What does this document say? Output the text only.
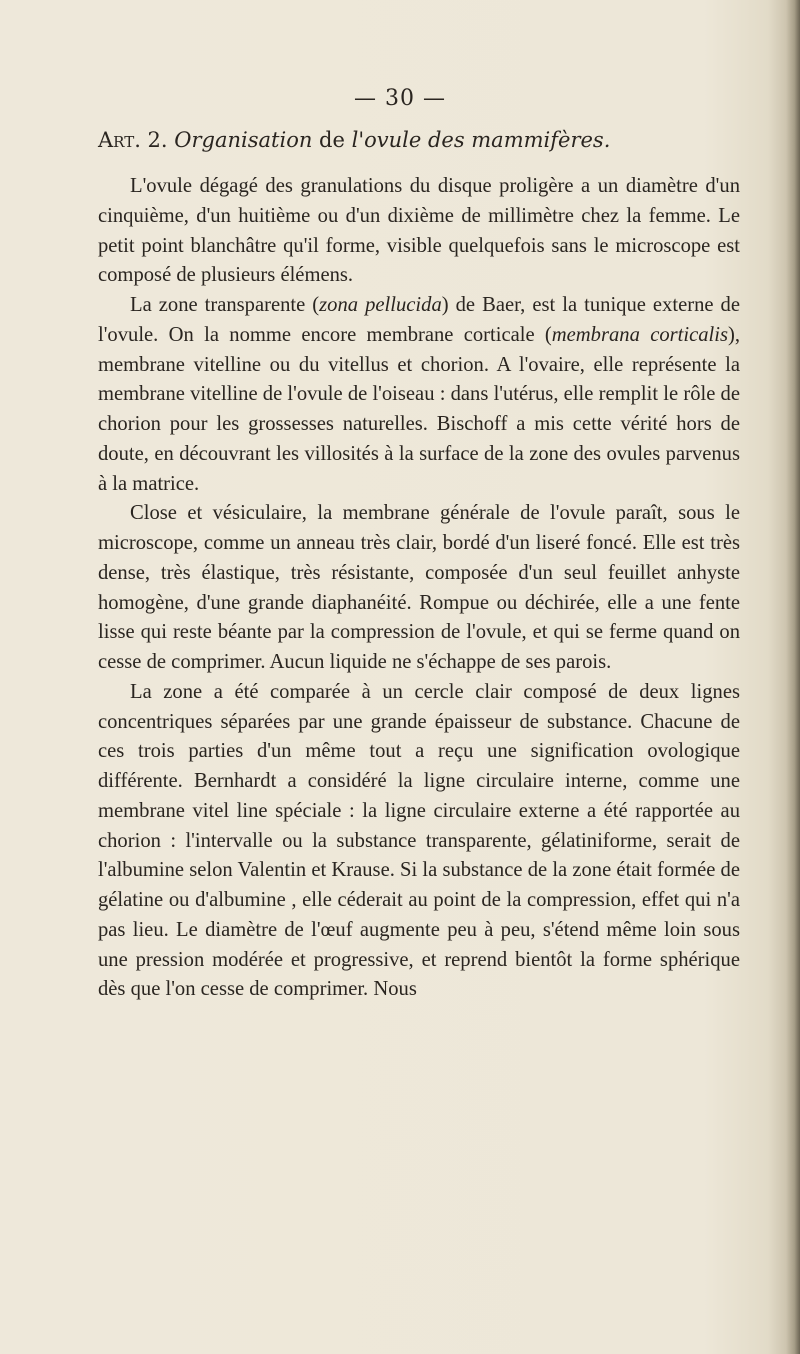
— 30 —
Art. 2. Organisation de l'ovule des mammifères.

L'ovule dégagé des granulations du disque proligère a un diamètre d'un cinquième, d'un huitième ou d'un dixième de millimètre chez la femme. Le petit point blanchâtre qu'il forme, visible quelquefois sans le microscope est composé de plusieurs élémens.

La zone transparente (zona pellucida) de Baer, est la tunique externe de l'ovule. On la nomme encore membrane corticale (membrana corticalis), membrane vitelline ou du vitellus et chorion. A l'ovaire, elle représente la membrane vitelline de l'ovule de l'oiseau : dans l'utérus, elle remplit le rôle de chorion pour les grossesses naturelles. Bischoff a mis cette vérité hors de doute, en découvrant les villosités à la surface de la zone des ovules parvenus à la matrice.

Close et vésiculaire, la membrane générale de l'ovule paraît, sous le microscope, comme un anneau très clair, bordé d'un liseré foncé. Elle est très dense, très élastique, très résistante, composée d'un seul feuillet anhyste homogène, d'une grande diaphanéité. Rompue ou déchirée, elle a une fente lisse qui reste béante par la compression de l'ovule, et qui se ferme quand on cesse de comprimer. Aucun liquide ne s'échappe de ses parois.

La zone a été comparée à un cercle clair composé de deux lignes concentriques séparées par une grande épaisseur de substance. Chacune de ces trois parties d'un même tout a reçu une signification ovologique différente. Bernhardt a considéré la ligne circulaire interne, comme une membrane vitel line spéciale : la ligne circulaire externe a été rapportée au chorion : l'intervalle ou la substance transparente, gélatiniforme, serait de l'albumine selon Valentin et Krause. Si la substance de la zone était formée de gélatine ou d'albumine , elle céderait au point de la compression, effet qui n'a pas lieu. Le diamètre de l'œuf augmente peu à peu, s'étend même loin sous une pression modérée et progressive, et reprend bientôt la forme sphérique dès que l'on cesse de comprimer. Nous
